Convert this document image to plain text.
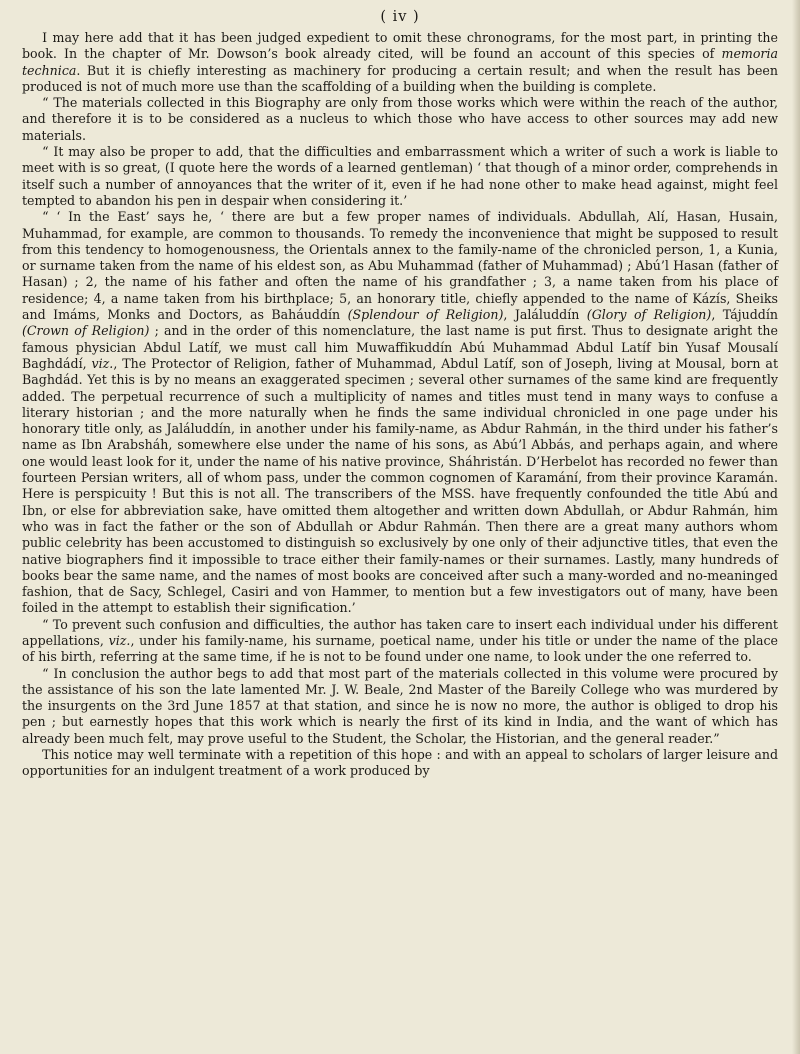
( iv )

I may here add that it has been judged expedient to omit these chronograms, for the most part, in printing the book. In the chapter of Mr. Dowson’s book already cited, will be found an account of this species of memoria technica. But it is chiefly interesting as machinery for producing a certain result; and when the result has been produced is not of much more use than the scaffolding of a building when the building is complete.

“ The materials collected in this Biography are only from those works which were within the reach of the author, and therefore it is to be considered as a nucleus to which those who have access to other sources may add new materials.

“ It may also be proper to add, that the difficulties and embarrassment which a writer of such a work is liable to meet with is so great, (I quote here the words of a learned gentleman) ‘ that though of a minor order, comprehends in itself such a number of annoyances that the writer of it, even if he had none other to make head against, might feel tempted to abandon his pen in despair when considering it.’

“ ‘ In the East’ says he, ‘ there are but a few proper names of individuals. Abdullah, Alí, Hasan, Husain, Muhammad, for example, are common to thousands. To remedy the inconvenience that might be supposed to result from this tendency to homogenousness, the Orientals annex to the family-name of the chronicled person, 1, a Kunia, or surname taken from the name of his eldest son, as Abu Muhammad (father of Muhammad) ; Abú’l Hasan (father of Hasan) ; 2, the name of his father and often the name of his grandfather ; 3, a name taken from his place of residence; 4, a name taken from his birthplace; 5, an honorary title, chiefly appended to the name of Kázís, Sheiks and Imáms, Monks and Doctors, as Baháuddín (Splendour of Religion), Jaláluddín (Glory of Religion), Tájuddín (Crown of Religion) ; and in the order of this nomenclature, the last name is put first. Thus to designate aright the famous physician Abdul Latíf, we must call him Muwaffikuddín Abú Muhammad Abdul Latíf bin Yusaf Mousalí Baghdádí, viz., The Protector of Religion, father of Muhammad, Abdul Latíf, son of Joseph, living at Mousal, born at Baghdád. Yet this is by no means an exaggerated specimen ; several other surnames of the same kind are frequently added. The perpetual recurrence of such a multiplicity of names and titles must tend in many ways to confuse a literary historian ; and the more naturally when he finds the same individual chronicled in one page under his honorary title only, as Jaláluddín, in another under his family-name, as Abdur Rahmán, in the third under his father’s name as Ibn Arabsháh, somewhere else under the name of his sons, as Abú’l Abbás, and perhaps again, and where one would least look for it, under the name of his native province, Sháhristán. D’Herbelot has recorded no fewer than fourteen Persian writers, all of whom pass, under the common cognomen of Karamání, from their province Karamán. Here is perspicuity ! But this is not all. The transcribers of the MSS. have frequently confounded the title Abú and Ibn, or else for abbreviation sake, have omitted them altogether and written down Abdullah, or Abdur Rahmán, him who was in fact the father or the son of Abdullah or Abdur Rahmán. Then there are a great many authors whom public celebrity has been accustomed to distinguish so exclusively by one only of their adjunctive titles, that even the native biographers find it impossible to trace either their family-names or their surnames. Lastly, many hundreds of books bear the same name, and the names of most books are conceived after such a many-worded and no-meaninged fashion, that de Sacy, Schlegel, Casiri and von Hammer, to mention but a few investigators out of many, have been foiled in the attempt to establish their signification.’

“ To prevent such confusion and difficulties, the author has taken care to insert each individual under his different appellations, viz., under his family-name, his surname, poetical name, under his title or under the name of the place of his birth, referring at the same time, if he is not to be found under one name, to look under the one referred to.

“ In conclusion the author begs to add that most part of the materials collected in this volume were procured by the assistance of his son the late lamented Mr. J. W. Beale, 2nd Master of the Bareily College who was murdered by the insurgents on the 3rd June 1857 at that station, and since he is now no more, the author is obliged to drop his pen ; but earnestly hopes that this work which is nearly the first of its kind in India, and the want of which has already been much felt, may prove useful to the Student, the Scholar, the Historian, and the general reader.”

This notice may well terminate with a repetition of this hope : and with an appeal to scholars of larger leisure and opportunities for an indulgent treatment of a work produced by
